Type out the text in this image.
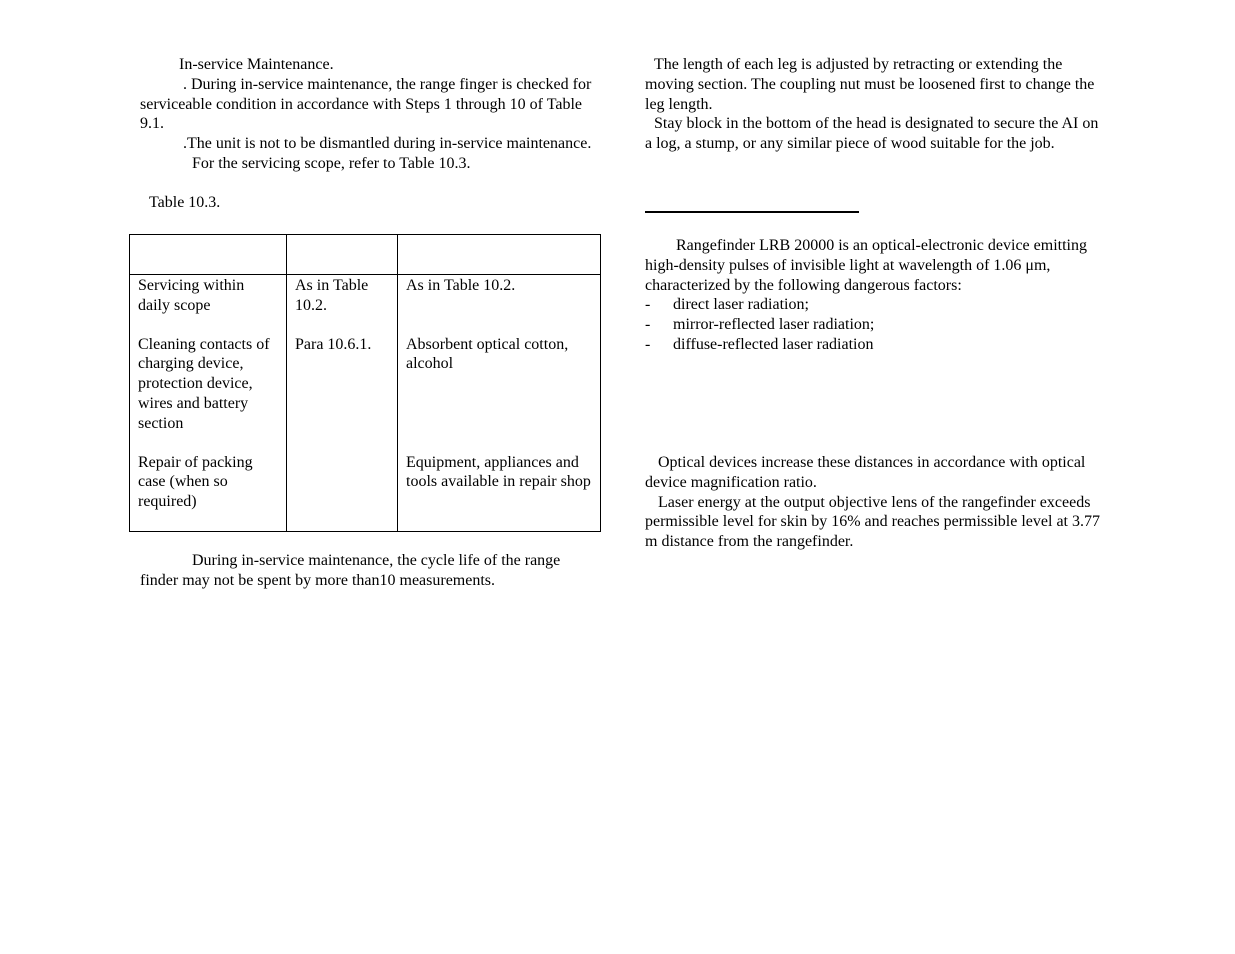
In-service Maintenance.

. During in-service maintenance, the range finger is checked for serviceable condition in accordance with Steps 1 through 10 of Table 9.1.

.The unit is not to be dismantled during in-service maintenance.

For the servicing scope, refer to Table 10.3.

Table 10.3.

Servicing within daily scope	As in Table 10.2.	As in Table 10.2.
Cleaning contacts of charging device, protection device, wires and battery section	Para 10.6.1.	Absorbent optical cotton, alcohol
Repair of packing case (when so required)		Equipment, appliances and tools available in repair shop

During in-service maintenance, the cycle life of the range finder may not be spent by more than10 measurements.

The length of each leg is adjusted by retracting or extending the moving section. The coupling nut must be loosened first to change the leg length.

Stay block in the bottom of the head is designated to secure the AI on a log, a stump, or any similar piece of wood suitable for the job.

Rangefinder LRB 20000 is an optical-electronic device emitting high-density pulses of invisible light at wavelength of 1.06 μm, characterized by the following dangerous factors:

-	direct laser radiation;
-	mirror-reflected laser radiation;
-	diffuse-reflected laser radiation

Optical devices increase these distances in accordance with optical device magnification ratio.

Laser energy at the output objective lens of the rangefinder exceeds permissible level for skin by 16% and reaches permissible level at 3.77 m distance from the rangefinder.
